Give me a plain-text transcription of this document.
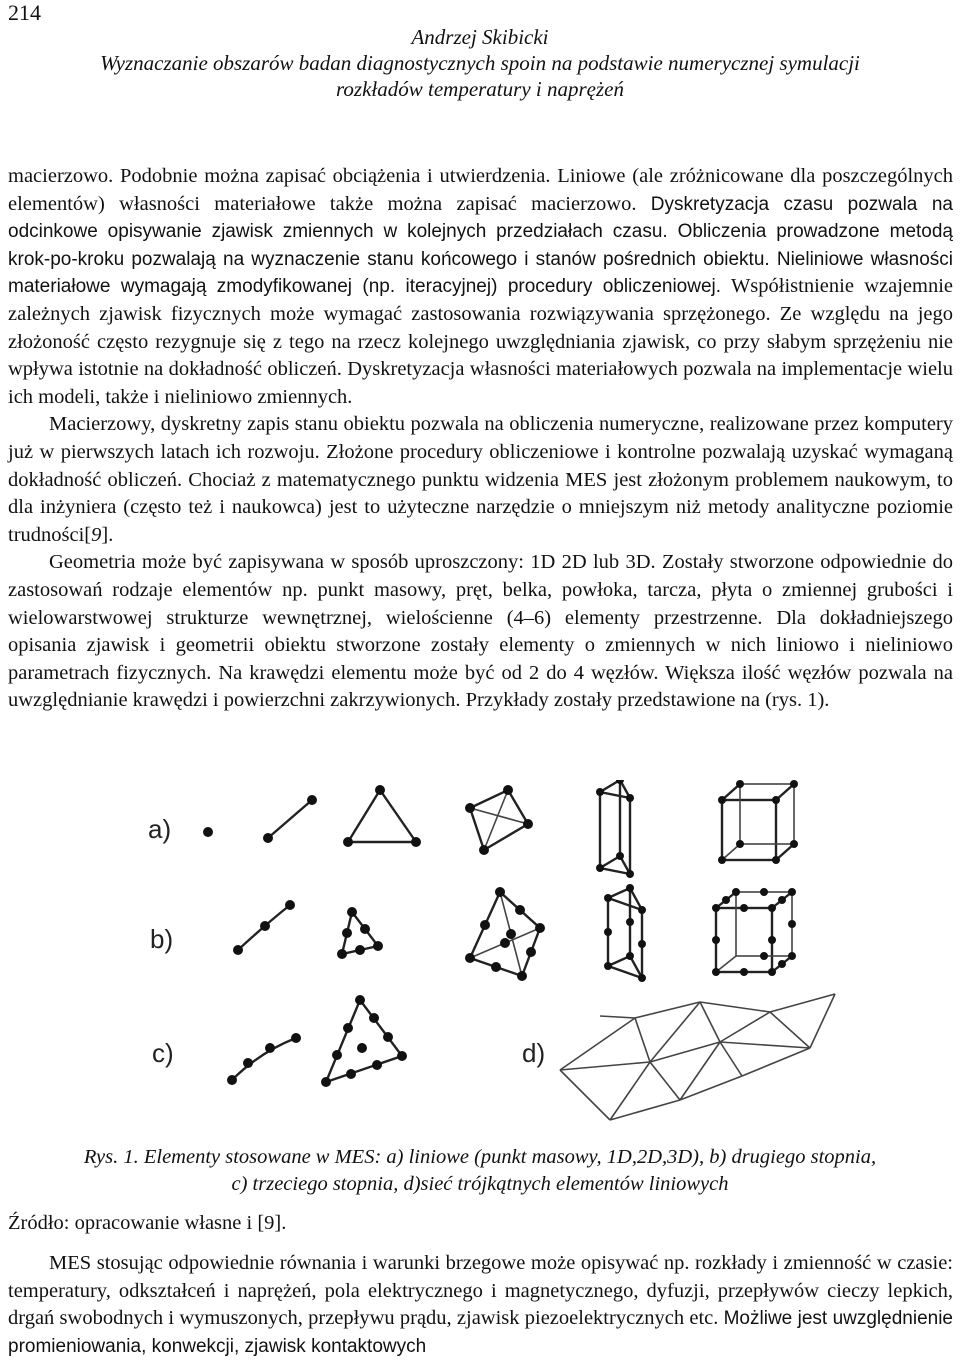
214
Andrzej Skibicki
Wyznaczanie obszarów badan diagnostycznych spoin na podstawie numerycznej symulacji
rozkładów temperatury i naprężeń

macierzowo. Podobnie można zapisać obciążenia i utwierdzenia. Liniowe (ale zróżnicowane dla poszczególnych elementów) własności materiałowe także można zapisać macierzowo. Dyskretyzacja czasu pozwala na odcinkowe opisywanie zjawisk zmiennych w kolejnych przedziałach czasu. Obliczenia prowadzone metodą krok-po-kroku pozwalają na wyznaczenie stanu końcowego i stanów pośrednich obiektu. Nieliniowe własności materiałowe wymagają zmodyfikowanej (np. iteracyjnej) procedury obliczeniowej. Współistnienie wzajemnie zależnych zjawisk fizycznych może wymagać zastosowania rozwiązywania sprzężonego. Ze względu na jego złożoność często rezygnuje się z tego na rzecz kolejnego uwzględniania zjawisk, co przy słabym sprzężeniu nie wpływa istotnie na dokładność obliczeń. Dyskretyzacja własności materiałowych pozwala na implementacje wielu ich modeli, także i nieliniowo zmiennych.

Macierzowy, dyskretny zapis stanu obiektu pozwala na obliczenia numeryczne, realizowane przez komputery już w pierwszych latach ich rozwoju. Złożone procedury obliczeniowe i kontrolne pozwalają uzyskać wymaganą dokładność obliczeń. Chociaż z matematycznego punktu widzenia MES jest złożonym problemem naukowym, to dla inżyniera (często też i naukowca) jest to użyteczne narzędzie o mniejszym niż metody analityczne poziomie trudności[9].

Geometria może być zapisywana w sposób uproszczony: 1D 2D lub 3D. Zostały stworzone odpowiednie do zastosowań rodzaje elementów np. punkt masowy, pręt, belka, powłoka, tarcza, płyta o zmiennej grubości i wielowarstwowej strukturze wewnętrznej, wielościenne (4–6) elementy przestrzenne. Dla dokładniejszego opisania zjawisk i geometrii obiektu stworzone zostały elementy o zmiennych w nich liniowo i nieliniowo parametrach fizycznych. Na krawędzi elementu może być od 2 do 4 węzłów. Większa ilość węzłów pozwala na uwzględnianie krawędzi i powierzchni zakrzywionych. Przykłady zostały przedstawione na (rys. 1).

a)
b)
c)	d)
Rys. 1. Elementy stosowane w MES: a) liniowe (punkt masowy, 1D,2D,3D), b) drugiego stopnia,
c) trzeciego stopnia, d)sieć trójkątnych elementów liniowych
Źródło: opracowanie własne i [9].

MES stosując odpowiednie równania i warunki brzegowe może opisywać np. rozkłady i zmienność w czasie: temperatury, odkształceń i naprężeń, pola elektrycznego i magnetycznego, dyfuzji, przepływów cieczy lepkich, drgań swobodnych i wymuszonych, przepływu prądu, zjawisk piezoelektrycznych etc. Możliwe jest uwzględnienie promieniowania, konwekcji, zjawisk kontaktowych
